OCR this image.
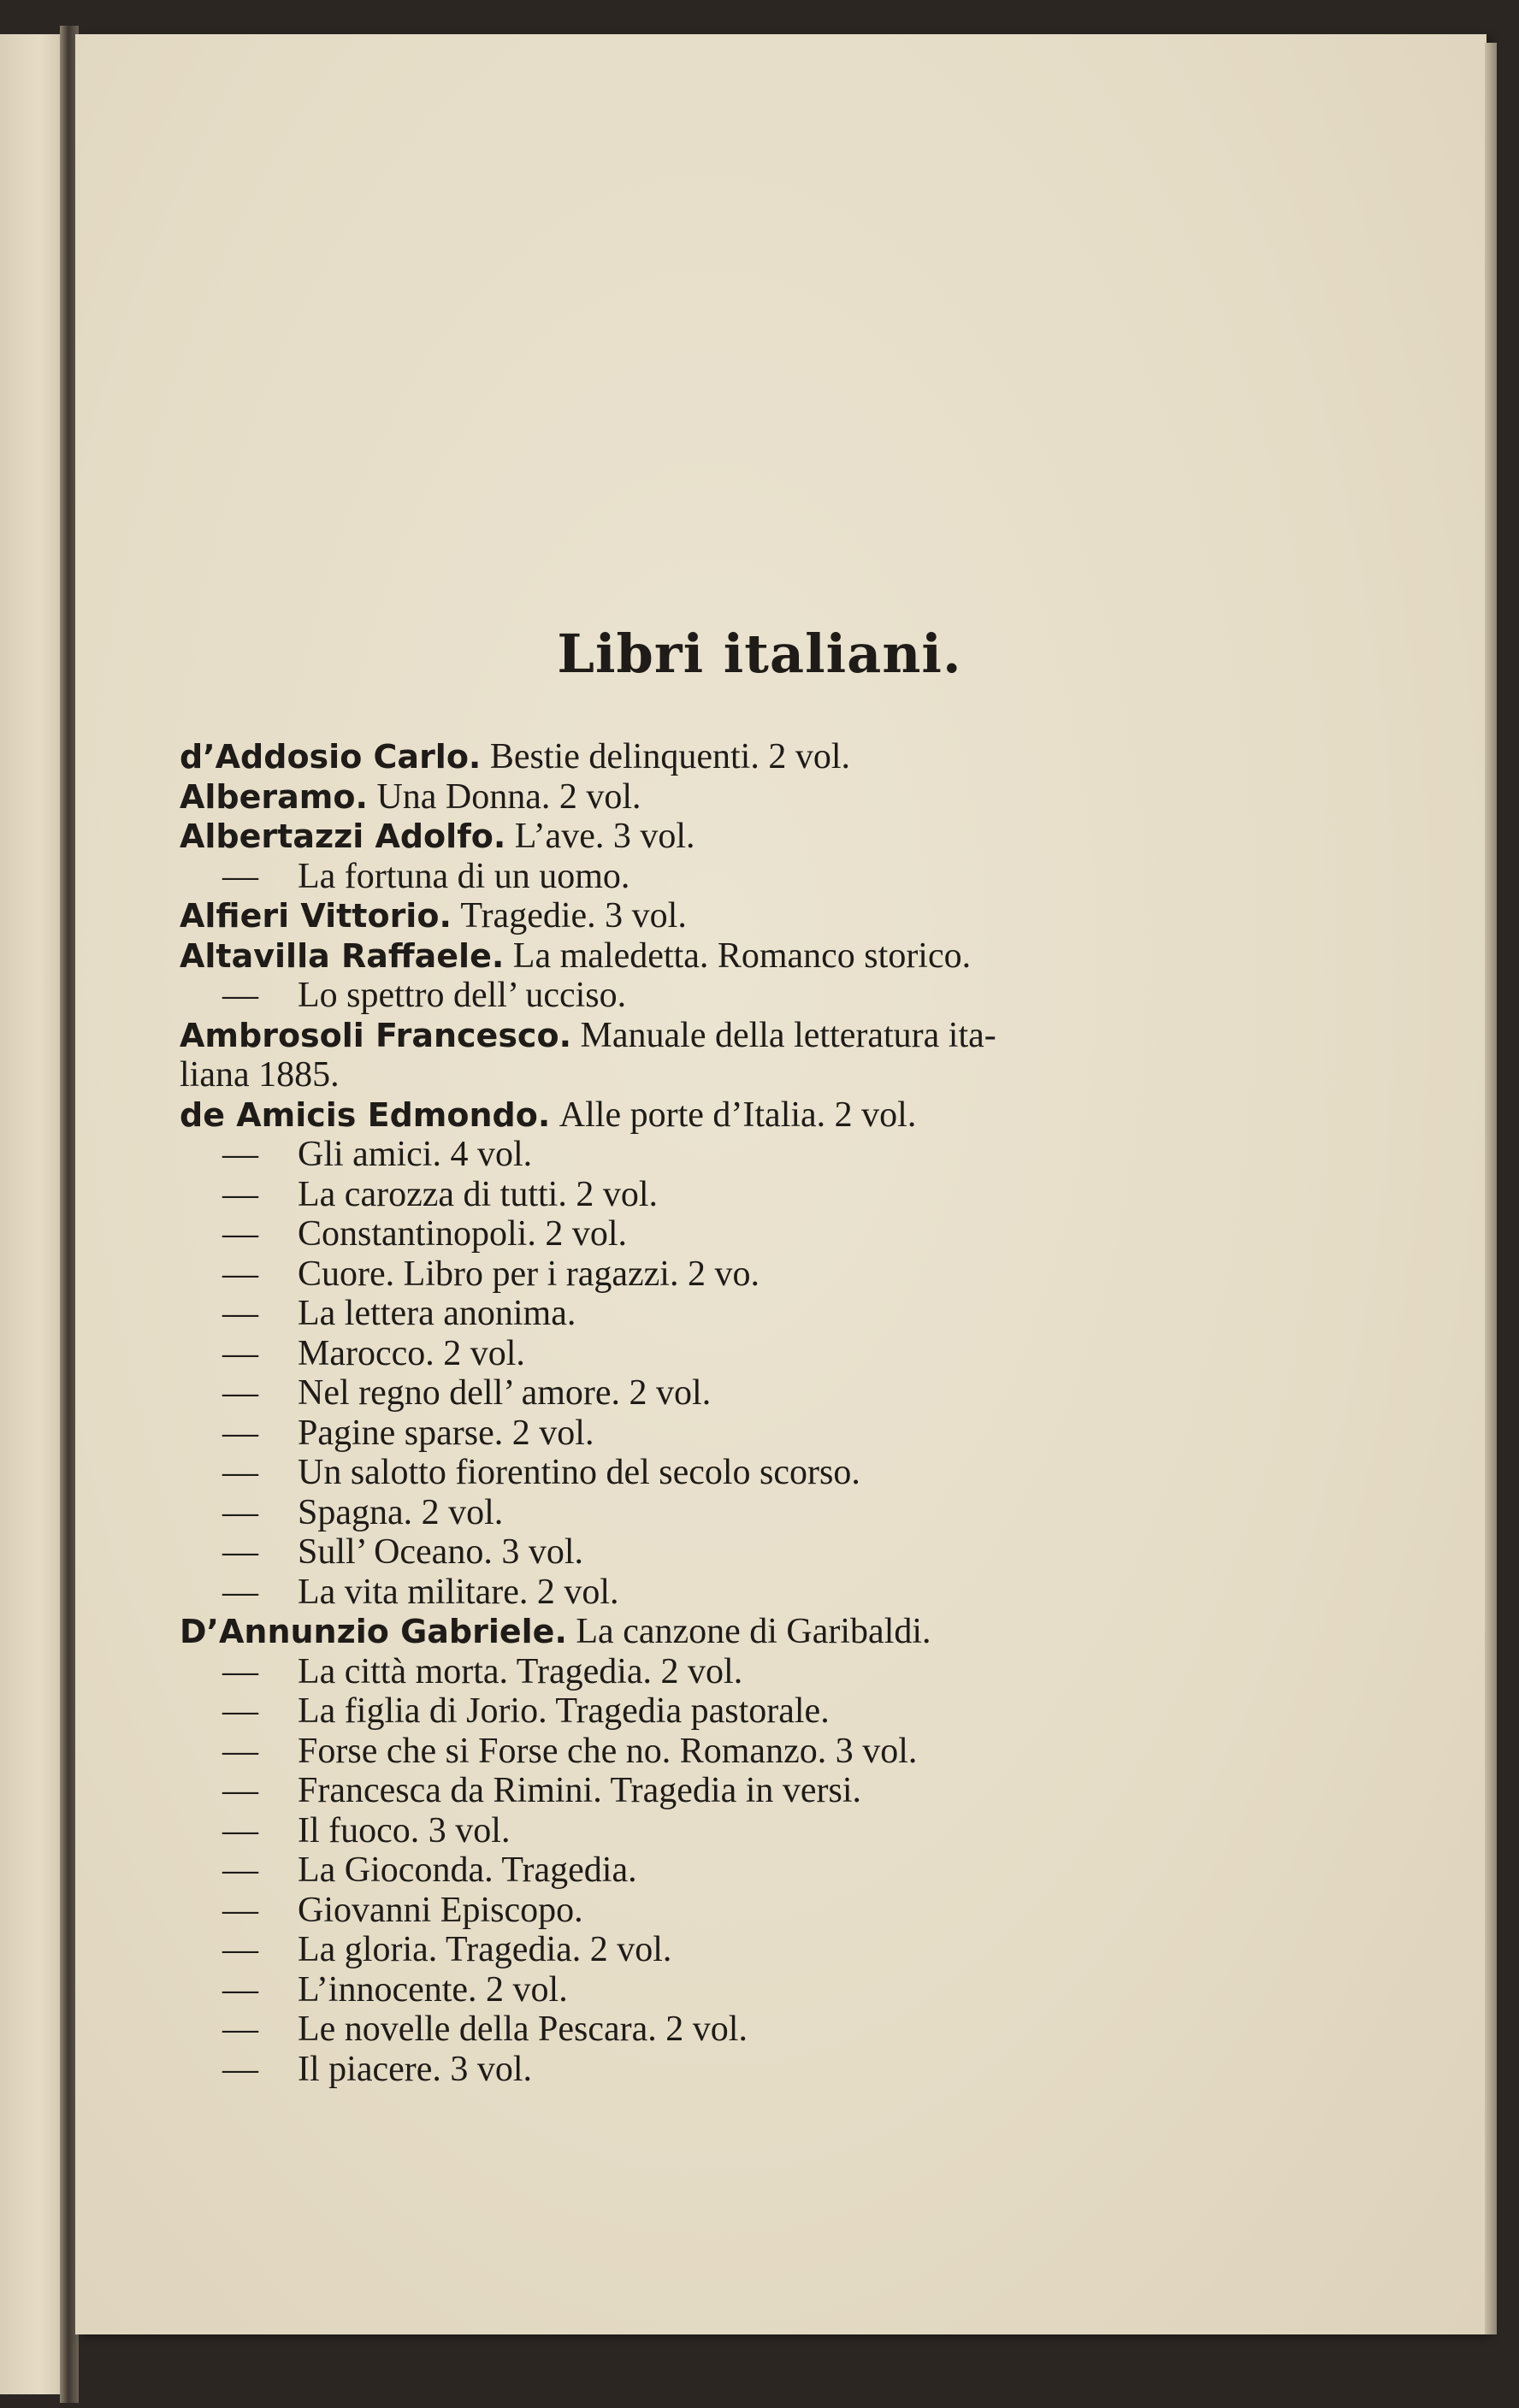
Libri italiani.
d’Addosio Carlo. Bestie delinquenti. 2 vol.
Alberamo. Una Donna. 2 vol.
Albertazzi Adolfo. L’ave. 3 vol.
— La fortuna di un uomo.
Alfieri Vittorio. Tragedie. 3 vol.
Altavilla Raffaele. La maledetta. Romanco storico.
— Lo spettro dell’ ucciso.
Ambrosoli Francesco. Manuale della letteratura ita-
liana 1885.
de Amicis Edmondo. Alle porte d’Italia. 2 vol.
— Gli amici. 4 vol.
— La carozza di tutti. 2 vol.
— Constantinopoli. 2 vol.
— Cuore. Libro per i ragazzi. 2 vo.
— La lettera anonima.
— Marocco. 2 vol.
— Nel regno dell’ amore. 2 vol.
— Pagine sparse. 2 vol.
— Un salotto fiorentino del secolo scorso.
— Spagna. 2 vol.
— Sull’ Oceano. 3 vol.
— La vita militare. 2 vol.
D’Annunzio Gabriele. La canzone di Garibaldi.
— La città morta. Tragedia. 2 vol.
— La figlia di Jorio. Tragedia pastorale.
— Forse che si Forse che no. Romanzo. 3 vol.
— Francesca da Rimini. Tragedia in versi.
— Il fuoco. 3 vol.
— La Gioconda. Tragedia.
— Giovanni Episcopo.
— La gloria. Tragedia. 2 vol.
— L’innocente. 2 vol.
— Le novelle della Pescara. 2 vol.
— Il piacere. 3 vol.
